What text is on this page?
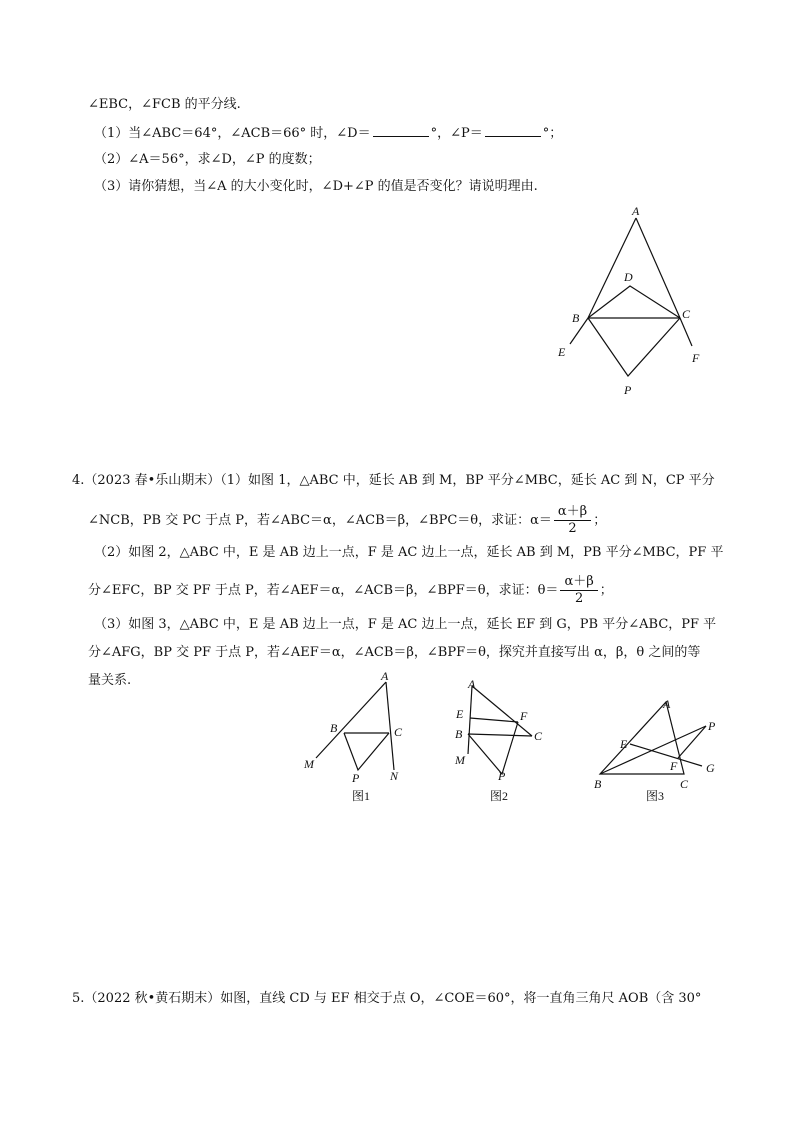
∠EBC，∠FCB 的平分线.
（1）当∠ABC＝64°，∠ACB＝66° 时，∠D＝	°，∠P＝	°；
（2）∠A＝56°，求∠D，∠P 的度数；
（3）请你猜想，当∠A 的大小变化时，∠D+∠P 的值是否变化？请说明理由.
A
D
B	C
E	F
P
A
B	C
M
N
P
图1
A
E	F
B	C
M
P
图2
A
P
E
F G
B	C
图3
4.（2023 春•乐山期末）（1）如图 1，△ABC 中，延长 AB 到 M，BP 平分∠MBC，延长 AC 到 N，CP 平分
∠NCB，PB 交 PC 于点 P，若∠ABC＝α，∠ACB＝β，∠BPC＝θ，求证：$\alpha= \frac{\alpha+\beta}{2}$ ；
（2）如图 2，△ABC 中，E 是 AB 边上一点，F 是 AC 边上一点，延长 AB 到 M，PB 平分∠MBC，PF 平
分∠EFC，BP 交 PF 于点 P，若∠AEF＝α，∠ACB＝β，∠BPF＝θ，求证：$\theta= \frac{\alpha+\beta}{2}$ ；
（3）如图 3，△ABC 中，E 是 AB 边上一点，F 是 AC 边上一点，延长 EF 到 G，PB 平分∠ABC，PF 平
分∠AFG，BP 交 PF 于点 P，若∠AEF＝α，∠ACB＝β，∠BPF＝θ，探究并直接写出 α，β，θ 之间的等
量关系.
5.（2022 秋•黄石期末）如图，直线 CD 与 EF 相交于点 O，∠COE＝60°，将一直角三角尺 AOB（含 30°
